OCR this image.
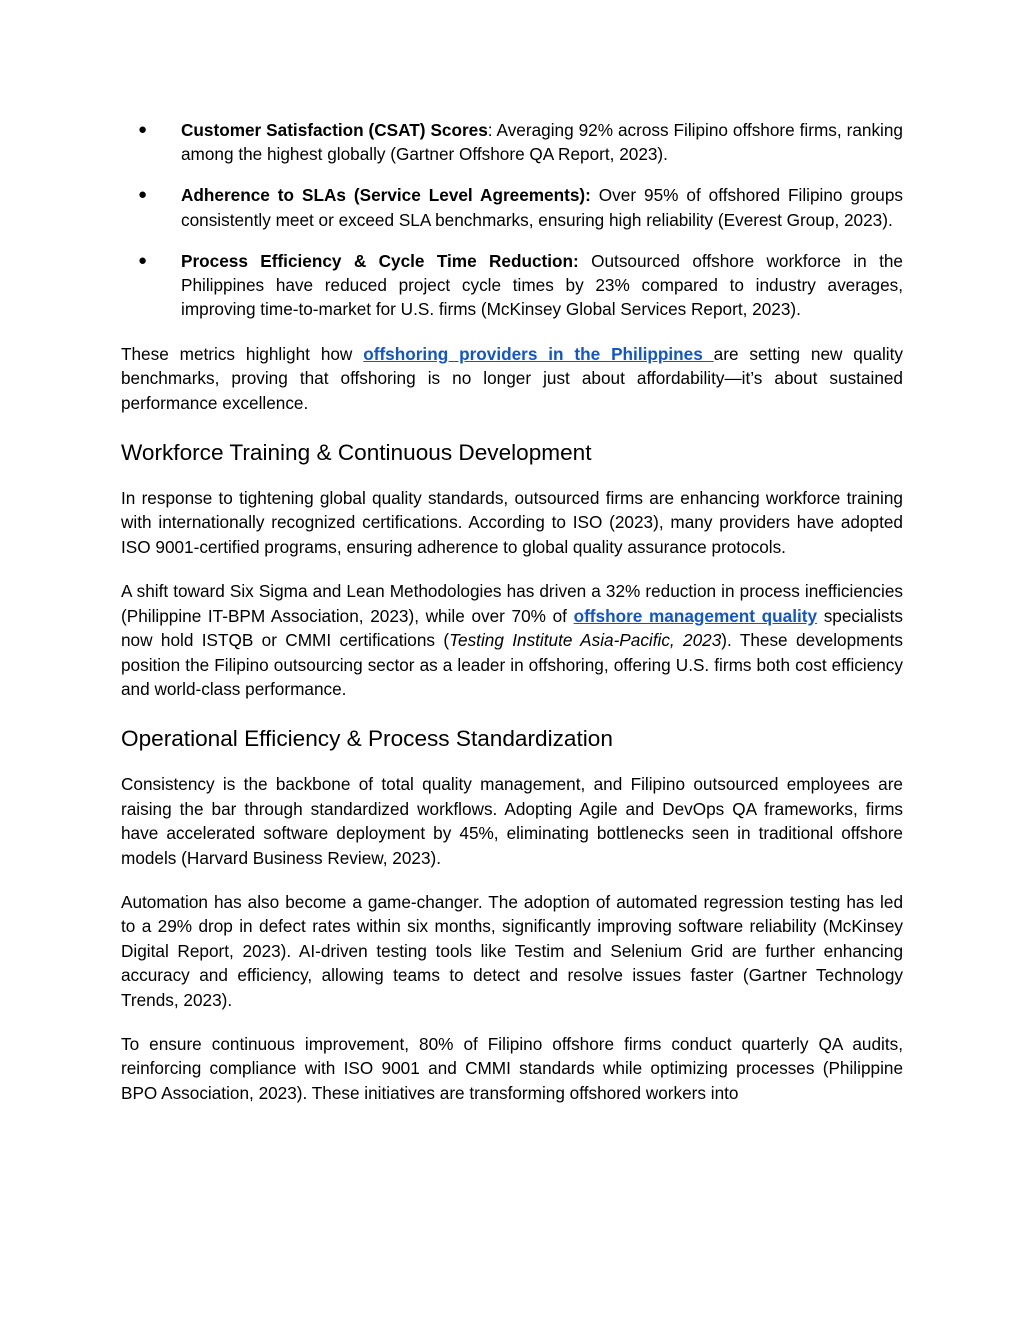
● Customer Satisfaction (CSAT) Scores: Averaging 92% across Filipino offshore firms, ranking among the highest globally (Gartner Offshore QA Report, 2023).
● Adherence to SLAs (Service Level Agreements): Over 95% of offshored Filipino groups consistently meet or exceed SLA benchmarks, ensuring high reliability (Everest Group, 2023).
● Process Efficiency & Cycle Time Reduction: Outsourced offshore workforce in the Philippines have reduced project cycle times by 23% compared to industry averages, improving time-to-market for U.S. firms (McKinsey Global Services Report, 2023).

These metrics highlight how offshoring providers in the Philippines are setting new quality benchmarks, proving that offshoring is no longer just about affordability—it’s about sustained performance excellence.

Workforce Training & Continuous Development

In response to tightening global quality standards, outsourced firms are enhancing workforce training with internationally recognized certifications. According to ISO (2023), many providers have adopted ISO 9001-certified programs, ensuring adherence to global quality assurance protocols.

A shift toward Six Sigma and Lean Methodologies has driven a 32% reduction in process inefficiencies (Philippine IT-BPM Association, 2023), while over 70% of offshore management quality specialists now hold ISTQB or CMMI certifications (Testing Institute Asia-Pacific, 2023). These developments position the Filipino outsourcing sector as a leader in offshoring, offering U.S. firms both cost efficiency and world-class performance.

Operational Efficiency & Process Standardization

Consistency is the backbone of total quality management, and Filipino outsourced employees are raising the bar through standardized workflows. Adopting Agile and DevOps QA frameworks, firms have accelerated software deployment by 45%, eliminating bottlenecks seen in traditional offshore models (Harvard Business Review, 2023).

Automation has also become a game-changer. The adoption of automated regression testing has led to a 29% drop in defect rates within six months, significantly improving software reliability (McKinsey Digital Report, 2023). AI-driven testing tools like Testim and Selenium Grid are further enhancing accuracy and efficiency, allowing teams to detect and resolve issues faster (Gartner Technology Trends, 2023).

To ensure continuous improvement, 80% of Filipino offshore firms conduct quarterly QA audits, reinforcing compliance with ISO 9001 and CMMI standards while optimizing processes (Philippine BPO Association, 2023). These initiatives are transforming offshored workers into
